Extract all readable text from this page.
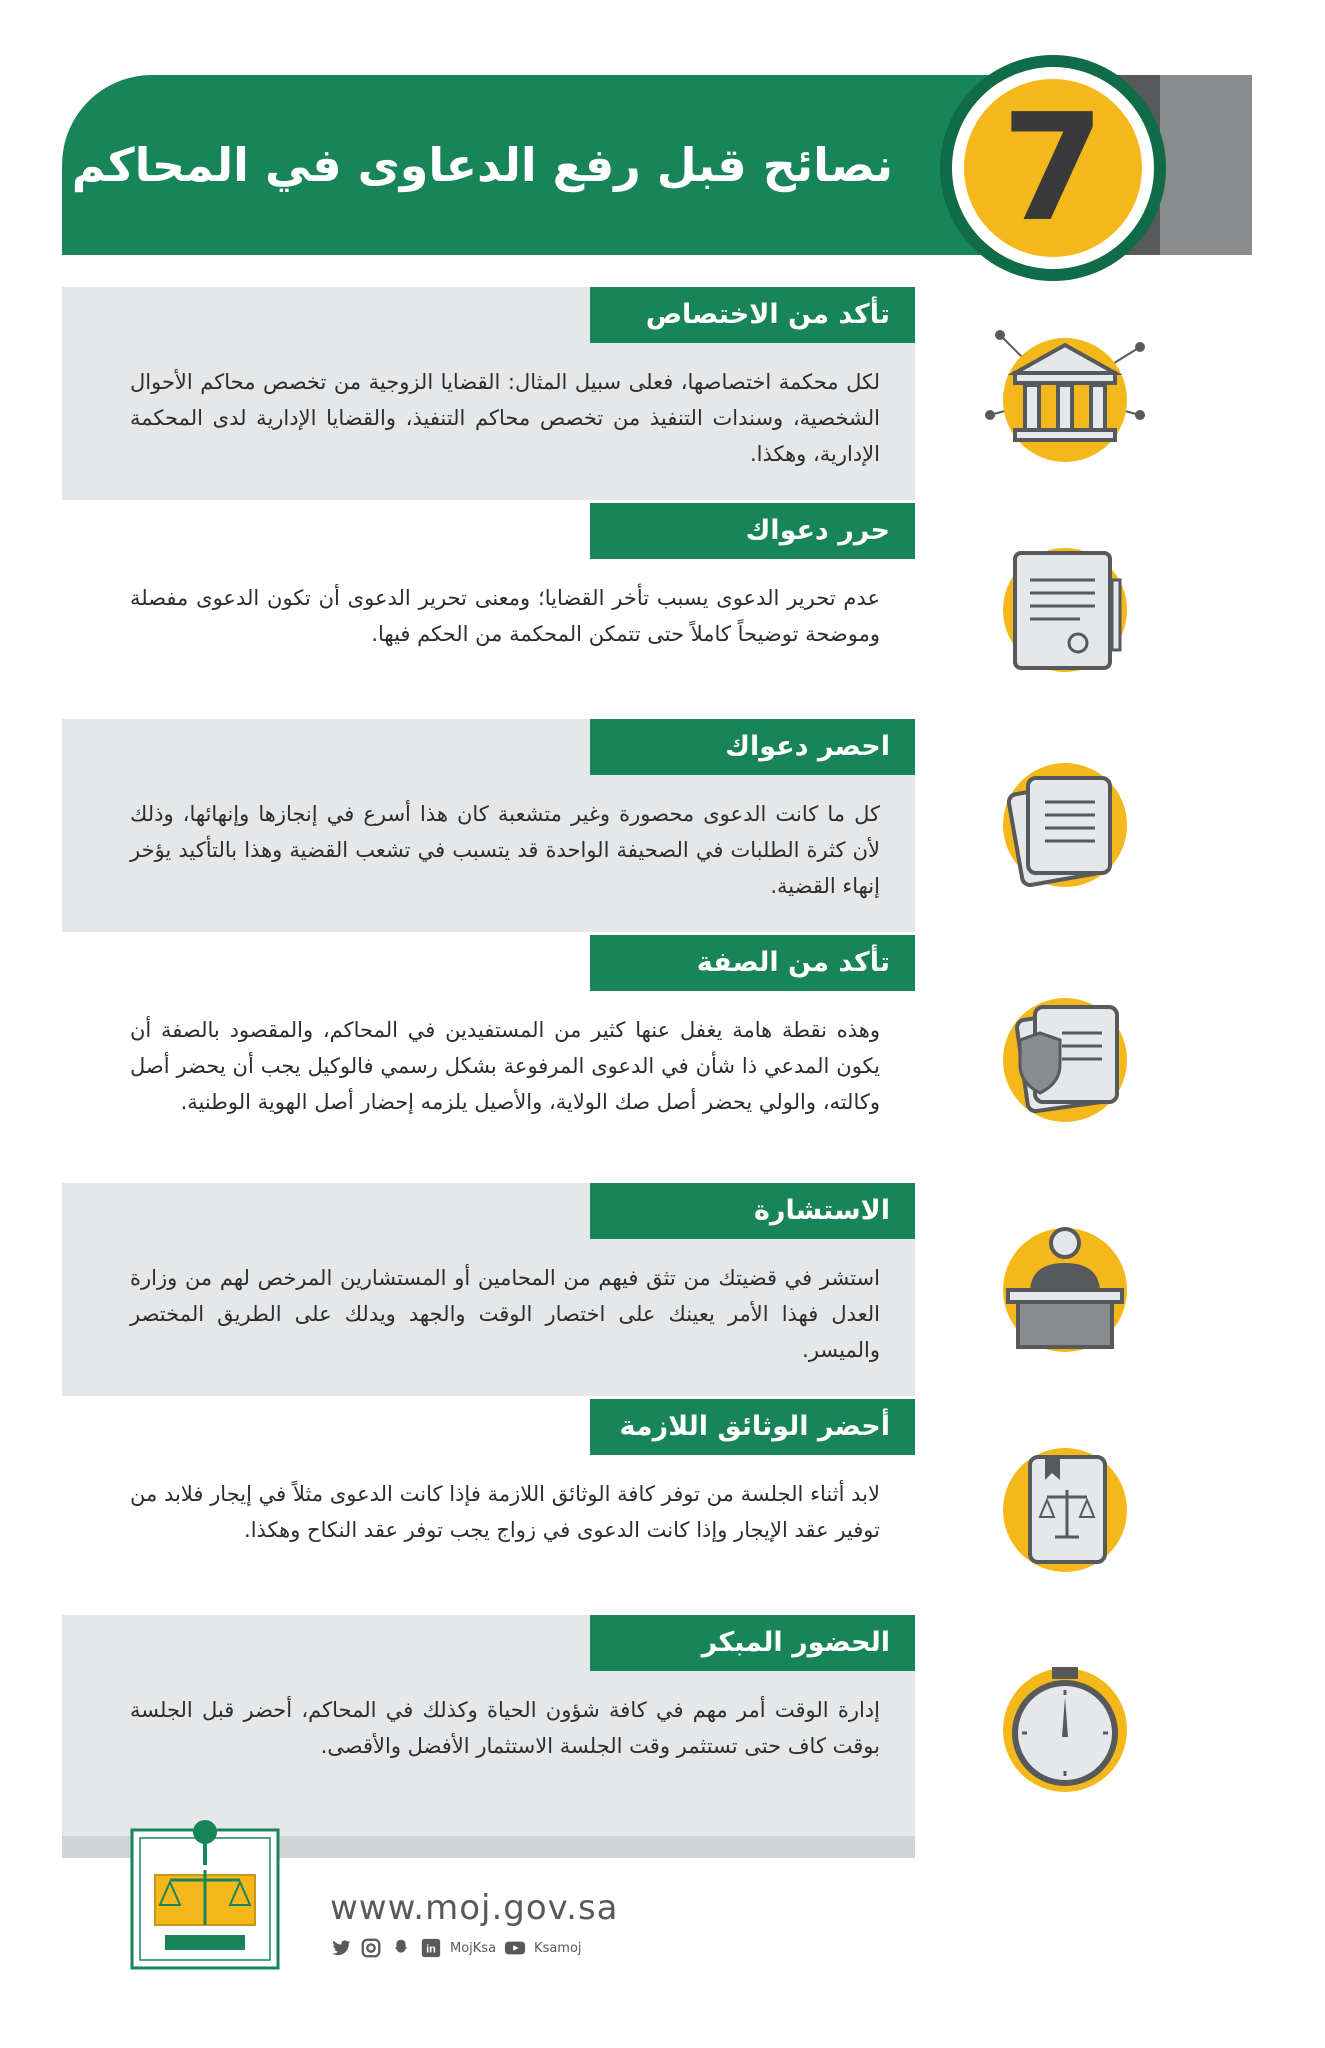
نصائح قبل رفع الدعاوى في المحاكم 7
تأكد من الاختصاص
لكل محكمة اختصاصها، فعلى سبيل المثال: القضايا الزوجية من تخصص محاكم الأحوال الشخصية، وسندات التنفيذ من تخصص محاكم التنفيذ، والقضايا الإدارية لدى المحكمة الإدارية، وهكذا.
حرر دعواك
عدم تحرير الدعوى يسبب تأخر القضايا؛ ومعنى تحرير الدعوى أن تكون الدعوى مفصلة وموضحة توضيحاً كاملاً حتى تتمكن المحكمة من الحكم فيها.
احصر دعواك
كل ما كانت الدعوى محصورة وغير متشعبة كان هذا أسرع في إنجازها وإنهائها، وذلك لأن كثرة الطلبات في الصحيفة الواحدة قد يتسبب في تشعب القضية وهذا بالتأكيد يؤخر إنهاء القضية.
تأكد من الصفة
وهذه نقطة هامة يغفل عنها كثير من المستفيدين في المحاكم، والمقصود بالصفة أن يكون المدعي ذا شأن في الدعوى المرفوعة بشكل رسمي فالوكيل يجب أن يحضر أصل وكالته، والولي يحضر أصل صك الولاية، والأصيل يلزمه إحضار أصل الهوية الوطنية.
الاستشارة
استشر في قضيتك من تثق فيهم من المحامين أو المستشارين المرخص لهم من وزارة العدل فهذا الأمر يعينك على اختصار الوقت والجهد ويدلك على الطريق المختصر والميسر.
أحضر الوثائق اللازمة
لابد أثناء الجلسة من توفر كافة الوثائق اللازمة فإذا كانت الدعوى مثلاً في إيجار فلابد من توفير عقد الإيجار وإذا كانت الدعوى في زواج يجب توفر عقد النكاح وهكذا.
الحضور المبكر
إدارة الوقت أمر مهم في كافة شؤون الحياة وكذلك في المحاكم، أحضر قبل الجلسة بوقت كاف حتى تستثمر وقت الجلسة الاستثمار الأفضل والأقصى.
www.moj.gov.sa
in MojKsa	Ksamoj
